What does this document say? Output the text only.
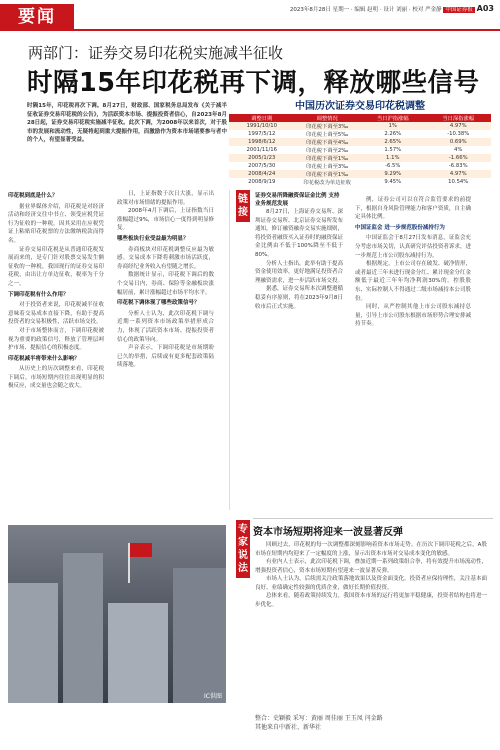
要闻	2023年8月28日 星期一 · 编辑 赵明 · 设计 刘丽 · 校对 严金静 中国证券报 A03
两部门：证券交易印花税实施减半征收
时隔15年印花税再下调，释放哪些信号
时隔15年，印花税再次下调。8月27日，财政部、国家税务总局发布《关于减半征收证券交易印花税的公告》，为活跃资本市场、提振投资者信心，自2023年8月28日起，证券交易印花税实施减半征收。此次下调，为2008年以来首次，对于股市的发展和流动性，无疑将起到重大提振作用，而激励作为资本市场诸要参与者中的个人，有望显著受益。
中国历次证券交易印花税调整
调整日期	调整情况	当日沪指涨幅	当日深指涨幅
1991/10/10	印花税下调至3‰	1%	4.97%
1997/5/12	印花税上调至5‰	2.26%	-10.38%
1998/6/12	印花税下调至4‰	2.65%	0.69%
2001/11/16	印花税下调至2‰	1.57%	4%
2005/1/23	印花税下调至1‰	1.1%	-1.66%
2007/5/30	印花税上调至3‰	-6.5%	-6.83%
2008/4/24	印花税下调至1‰	9.29%	4.97%
2008/9/19	印花税改为单边征收	9.45%	10.54%
印花税到底是什么？

据业界媒体介绍，印花税是对经济活动和经济交往中书立、领受应税凭证行为征收的一种税。因其采用在应税凭证上粘贴印花税票的方法缴纳税款而得名。

证券交易印花税是从普通印花税发展而来的，是专门针对股票交易发生额征收的一种税。我国现行的证券交易印花税，由出让方单边征收，税率为千分之一。

下调印花税有什么作用？

对于投资者来说，印花税减半征收意味着交易成本直接下降，有助于提高投资者的交易积极性，活跃市场交投。

对于市场整体而言，下调印花税被视为重要的政策信号，释放了管理层呵护市场、提振信心的积极态度。

印花税减半将带来什么影响？

从历史上的历次调整来看，印花税下调后，市场短期内往往出现明显的积极反应，成交量也会随之放大。

日，上证指数于次日大涨，显示出政策对市场情绪的提振作用。

2008年4月下调后，上证指数当日涨幅超过9%，市场信心一度得到明显修复。

哪些板块行业受益最为明显？

券商板块对印花税调整反应最为敏感。交易成本下降将刺激市场活跃度，券商经纪业务收入有望随之增长。

数据统计显示，印花税下调后的数个交易日内，券商、保险等金融板块涨幅居前，累计涨幅超过市场平均水平。

印花税下调体现了哪些政策信号？

分析人士认为，此次印花税下调与近期一系列资本市场政策举措形成合力，体现了活跃资本市场、提振投资者信心的政策导向。

声音表示，下调印花税是市场期盼已久的举措，后续或有更多配套政策陆续落地。

链
接
证券交易所降融资保证金比例 支持业务规范发展

8月27日，上海证券交易所、深圳证券交易所、北京证券交易所发布通知，修订融资融券交易实施细则，将投资者融资买入证券时的融资保证金比例由不低于100%降至不低于80%。

分析人士指出，此举有助于提高资金使用效率，更好地满足投资者合理融资需求，进一步活跃市场交投。

据悉，证券交易所本次调整遵循稳妥有序原则，将在2023年9月8日收市后正式实施。

例，证券公司可以在符合监管要求的前提下，根据自身风险管理能力和客户资质，自主确定具体比例。

中国证监会 进一步规范股份减持行为

中国证监会于8月27日发布消息，证监会充分考虑市场关切，认真研究评估投资者诉求，进一步规范上市公司股东减持行为。

根据规定，上市公司存在破发、破净情形，或者最近三年未进行现金分红、累计现金分红金额低于最近三年年均净利润30%的，控股股东、实际控制人不得通过二级市场减持本公司股份。

同时，从严控制其他上市公司股东减持总量，引导上市公司股东根据市场形势合理安排减持节奏。

专
家
说
法
资本市场短期将迎来一波显著反弹

回顾过去，印花税的每一次调整都深刻影响着资本市场走势。在历次下调印花税之后，A股市场在短期内均迎来了一定幅度的上涨，显示出资本市场对交易成本变化的敏感。

有业内人士表示，此次印花税下调，叠加近期一系列政策组合拳，将有效提升市场流动性，增强投资者信心，资本市场短期有望迎来一波显著反弹。

市场人士认为，后续需关注政策落地效果以及资金面变化。投资者应保持理性，关注基本面良好、业绩确定性较强的优质企业，做好长期价值投资。

总体来看，随着政策持续发力，我国资本市场的运行将更加平稳健康，投资者结构也将进一步优化。

IC供图
整合：史颖毅 采写：黄丽 周佳丽 王玉凤 闫金路
其他来自中新社、新华社
